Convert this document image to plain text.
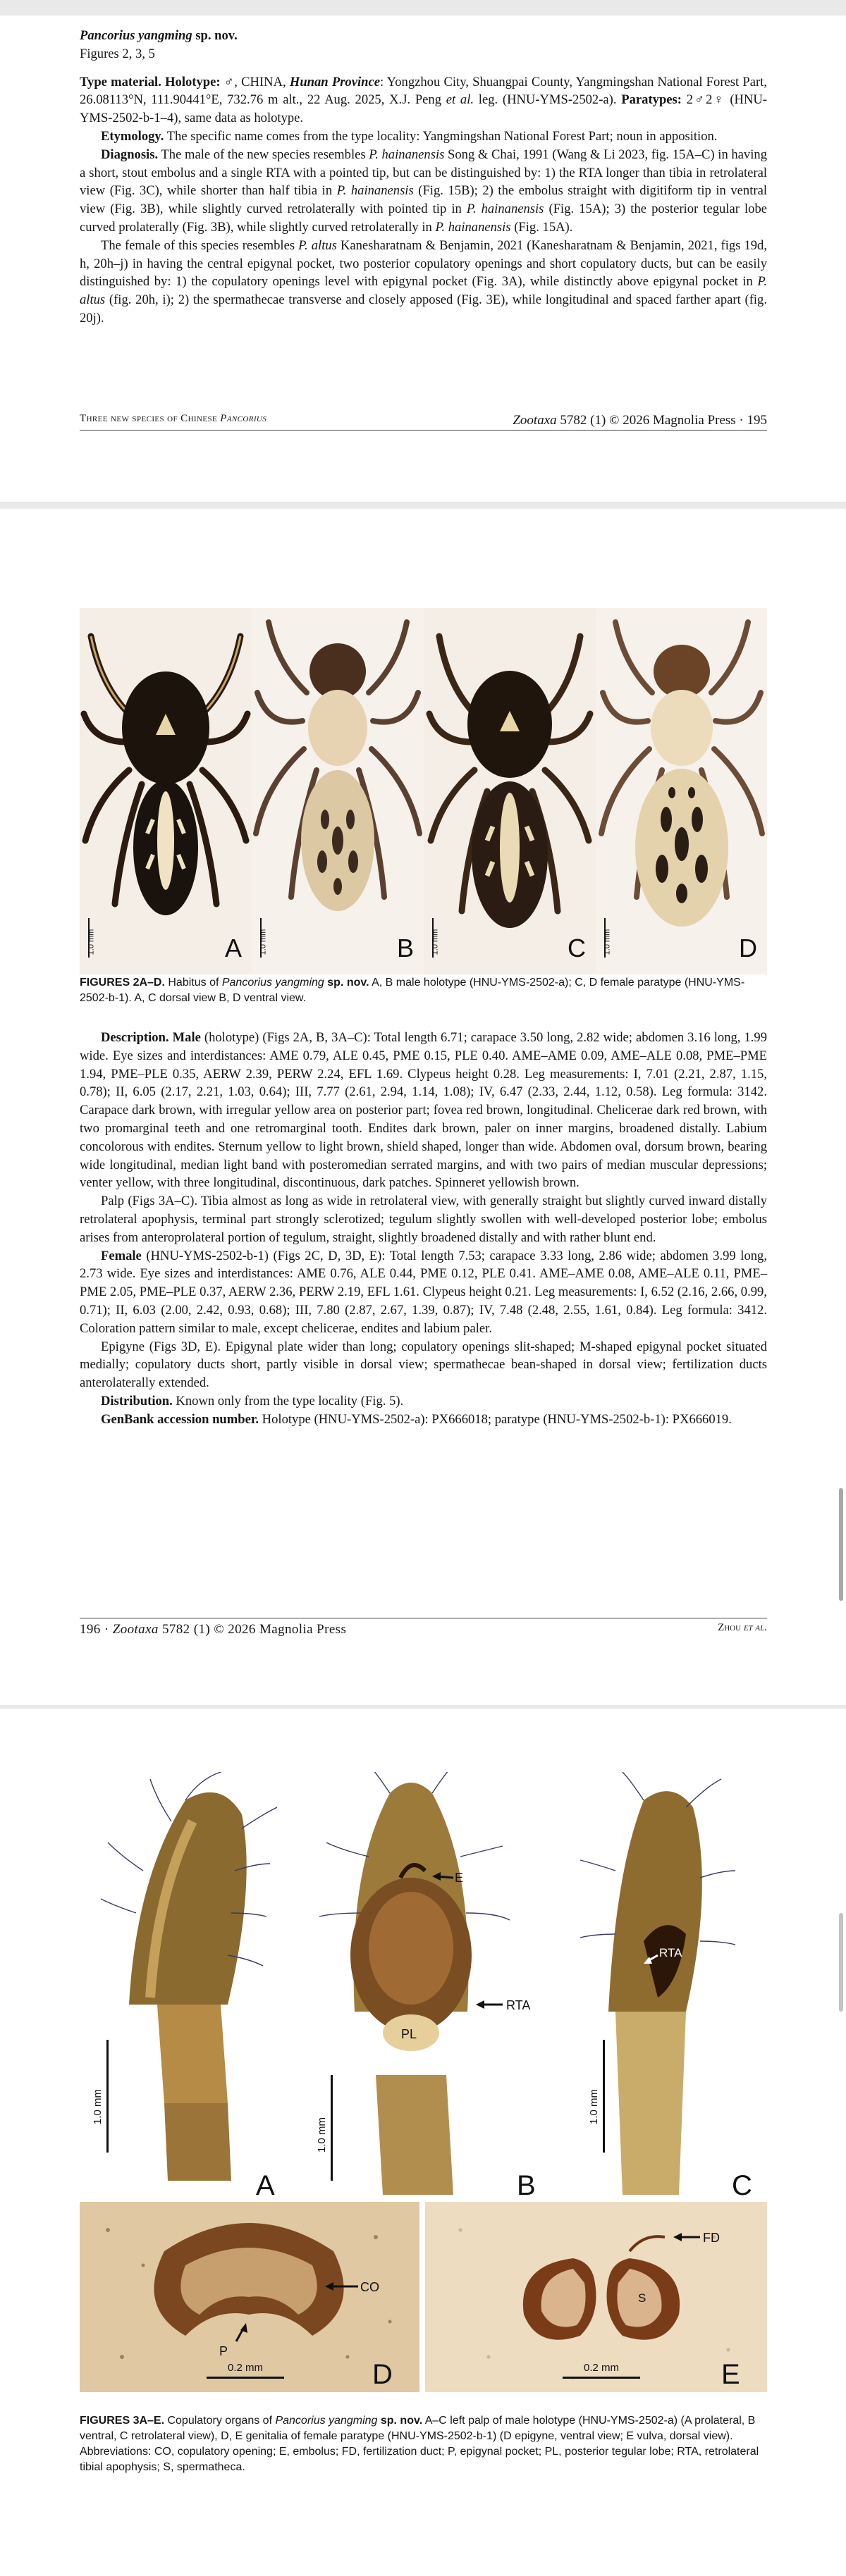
Pancorius yangming sp. nov.

Figures 2, 3, 5

Type material. Holotype: ♂, CHINA, Hunan Province: Yongzhou City, Shuangpai County, Yangmingshan National Forest Part, 26.08113°N, 111.90441°E, 732.76 m alt., 22 Aug. 2025, X.J. Peng et al. leg. (HNU-YMS-2502-a). Paratypes: 2♂2♀ (HNU-YMS-2502-b-1–4), same data as holotype.

Etymology. The specific name comes from the type locality: Yangmingshan National Forest Part; noun in apposition.

Diagnosis. The male of the new species resembles P. hainanensis Song & Chai, 1991 (Wang & Li 2023, fig. 15A–C) in having a short, stout embolus and a single RTA with a pointed tip, but can be distinguished by: 1) the RTA longer than tibia in retrolateral view (Fig. 3C), while shorter than half tibia in P. hainanensis (Fig. 15B); 2) the embolus straight with digitiform tip in ventral view (Fig. 3B), while slightly curved retrolaterally with pointed tip in P. hainanensis (Fig. 15A); 3) the posterior tegular lobe curved prolaterally (Fig. 3B), while slightly curved retrolaterally in P. hainanensis (Fig. 15A).

The female of this species resembles P. altus Kanesharatnam & Benjamin, 2021 (Kanesharatnam & Benjamin, 2021, figs 19d, h, 20h–j) in having the central epigynal pocket, two posterior copulatory openings and short copulatory ducts, but can be easily distinguished by: 1) the copulatory openings level with epigynal pocket (Fig. 3A), while distinctly above epigynal pocket in P. altus (fig. 20h, i); 2) the spermathecae transverse and closely apposed (Fig. 3E), while longitudinal and spaced farther apart (fig. 20j).

Three new species of Chinese Pancorius	Zootaxa 5782 (1) © 2026 Magnolia Press · 195
1.0 mm	A 1.0 mm	B 1.0 mm	C 1.0 mm	D

FIGURES 2A–D. Habitus of Pancorius yangming sp. nov. A, B male holotype (HNU-YMS-2502-a); C, D female paratype (HNU-YMS-2502-b-1). A, C dorsal view B, D ventral view.

Description. Male (holotype) (Figs 2A, B, 3A–C): Total length 6.71; carapace 3.50 long, 2.82 wide; abdomen 3.16 long, 1.99 wide. Eye sizes and interdistances: AME 0.79, ALE 0.45, PME 0.15, PLE 0.40. AME–AME 0.09, AME–ALE 0.08, PME–PME 1.94, PME–PLE 0.35, AERW 2.39, PERW 2.24, EFL 1.69. Clypeus height 0.28. Leg measurements: I, 7.01 (2.21, 2.87, 1.15, 0.78); II, 6.05 (2.17, 2.21, 1.03, 0.64); III, 7.77 (2.61, 2.94, 1.14, 1.08); IV, 6.47 (2.33, 2.44, 1.12, 0.58). Leg formula: 3142. Carapace dark brown, with irregular yellow area on posterior part; fovea red brown, longitudinal. Chelicerae dark red brown, with two promarginal teeth and one retromarginal tooth. Endites dark brown, paler on inner margins, broadened distally. Labium concolorous with endites. Sternum yellow to light brown, shield shaped, longer than wide. Abdomen oval, dorsum brown, bearing wide longitudinal, median light band with posteromedian serrated margins, and with two pairs of median muscular depressions; venter yellow, with three longitudinal, discontinuous, dark patches. Spinneret yellowish brown.

Palp (Figs 3A–C). Tibia almost as long as wide in retrolateral view, with generally straight but slightly curved inward distally retrolateral apophysis, terminal part strongly sclerotized; tegulum slightly swollen with well-developed posterior lobe; embolus arises from anteroprolateral portion of tegulum, straight, slightly broadened distally and with rather blunt end.

Female (HNU-YMS-2502-b-1) (Figs 2C, D, 3D, E): Total length 7.53; carapace 3.33 long, 2.86 wide; abdomen 3.99 long, 2.73 wide. Eye sizes and interdistances: AME 0.76, ALE 0.44, PME 0.12, PLE 0.41. AME–AME 0.08, AME–ALE 0.11, PME–PME 2.05, PME–PLE 0.37, AERW 2.36, PERW 2.19, EFL 1.61. Clypeus height 0.21. Leg measurements: I, 6.52 (2.16, 2.66, 0.99, 0.71); II, 6.03 (2.00, 2.42, 0.93, 0.68); III, 7.80 (2.87, 2.67, 1.39, 0.87); IV, 7.48 (2.48, 2.55, 1.61, 0.84). Leg formula: 3412. Coloration pattern similar to male, except chelicerae, endites and labium paler.

Epigyne (Figs 3D, E). Epigynal plate wider than long; copulatory openings slit-shaped; M-shaped epigynal pocket situated medially; copulatory ducts short, partly visible in dorsal view; spermathecae bean-shaped in dorsal view; fertilization ducts anterolaterally extended.

Distribution. Known only from the type locality (Fig. 5).

GenBank accession number. Holotype (HNU-YMS-2502-a): PX666018; paratype (HNU-YMS-2502-b-1): PX666019.

196 · Zootaxa 5782 (1) © 2026 Magnolia Press	Zhou et al.
1.0 mm
A
1.0 mm
E
RTA
PL
B
RTA
1.0 mm
C
CO
P
0.2 mm	D
FD
S
0.2 mm	E

FIGURES 3A–E. Copulatory organs of Pancorius yangming sp. nov. A–C left palp of male holotype (HNU-YMS-2502-a) (A prolateral, B ventral, C retrolateral view), D, E genitalia of female paratype (HNU-YMS-2502-b-1) (D epigyne, ventral view; E vulva, dorsal view). Abbreviations: CO, copulatory opening; E, embolus; FD, fertilization duct; P, epigynal pocket; PL, posterior tegular lobe; RTA, retrolateral tibial apophysis; S, spermatheca.
